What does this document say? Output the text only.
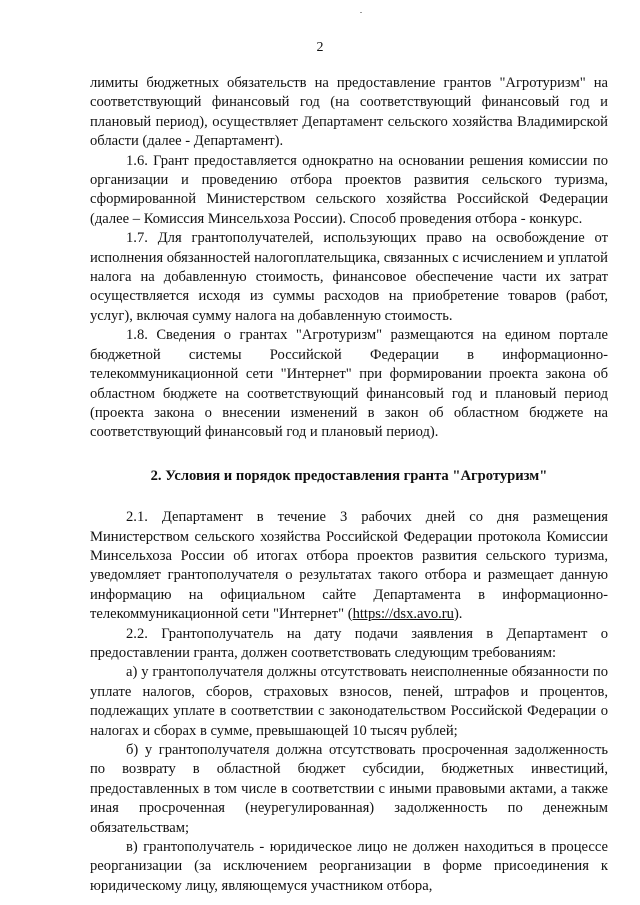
2

лимиты бюджетных обязательств на предоставление грантов "Агротуризм" на соответствующий финансовый год (на соответствующий финансовый год и плановый период), осуществляет Департамент сельского хозяйства Владимирской области (далее - Департамент).

1.6. Грант предоставляется однократно на основании решения комиссии по организации и проведению отбора проектов развития сельского туризма, сформированной Министерством сельского хозяйства Российской Федерации (далее – Комиссия Минсельхоза России). Способ проведения отбора - конкурс.

1.7. Для грантополучателей, использующих право на освобождение от исполнения обязанностей налогоплательщика, связанных с исчислением и уплатой налога на добавленную стоимость, финансовое обеспечение части их затрат осуществляется исходя из суммы расходов на приобретение товаров (работ, услуг), включая сумму налога на добавленную стоимость.

1.8. Сведения о грантах "Агротуризм" размещаются на едином портале бюджетной системы Российской Федерации в информационно-телекоммуникационной сети "Интернет" при формировании проекта закона об областном бюджете на соответствующий финансовый год и плановый период (проекта закона о внесении изменений в закон об областном бюджете на соответствующий финансовый год и плановый период).

2. Условия и порядок предоставления гранта "Агротуризм"

2.1. Департамент в течение 3 рабочих дней со дня размещения Министерством сельского хозяйства Российской Федерации протокола Комиссии Минсельхоза России об итогах отбора проектов развития сельского туризма, уведомляет грантополучателя о результатах такого отбора и размещает данную информацию на официальном сайте Департамента в информационно-телекоммуникационной сети "Интернет" (https://dsx.avo.ru).

2.2. Грантополучатель на дату подачи заявления в Департамент о предоставлении гранта, должен соответствовать следующим требованиям:

а) у грантополучателя должны отсутствовать неисполненные обязанности по уплате налогов, сборов, страховых взносов, пеней, штрафов и процентов, подлежащих уплате в соответствии с законодательством Российской Федерации о налогах и сборах в сумме, превышающей 10 тысяч рублей;

б) у грантополучателя должна отсутствовать просроченная задолженность по возврату в областной бюджет субсидии, бюджетных инвестиций, предоставленных в том числе в соответствии с иными правовыми актами, а также иная просроченная (неурегулированная) задолженность по денежным обязательствам;

в) грантополучатель - юридическое лицо не должен находиться в процессе реорганизации (за исключением реорганизации в форме присоединения к юридическому лицу, являющемуся участником отбора,
